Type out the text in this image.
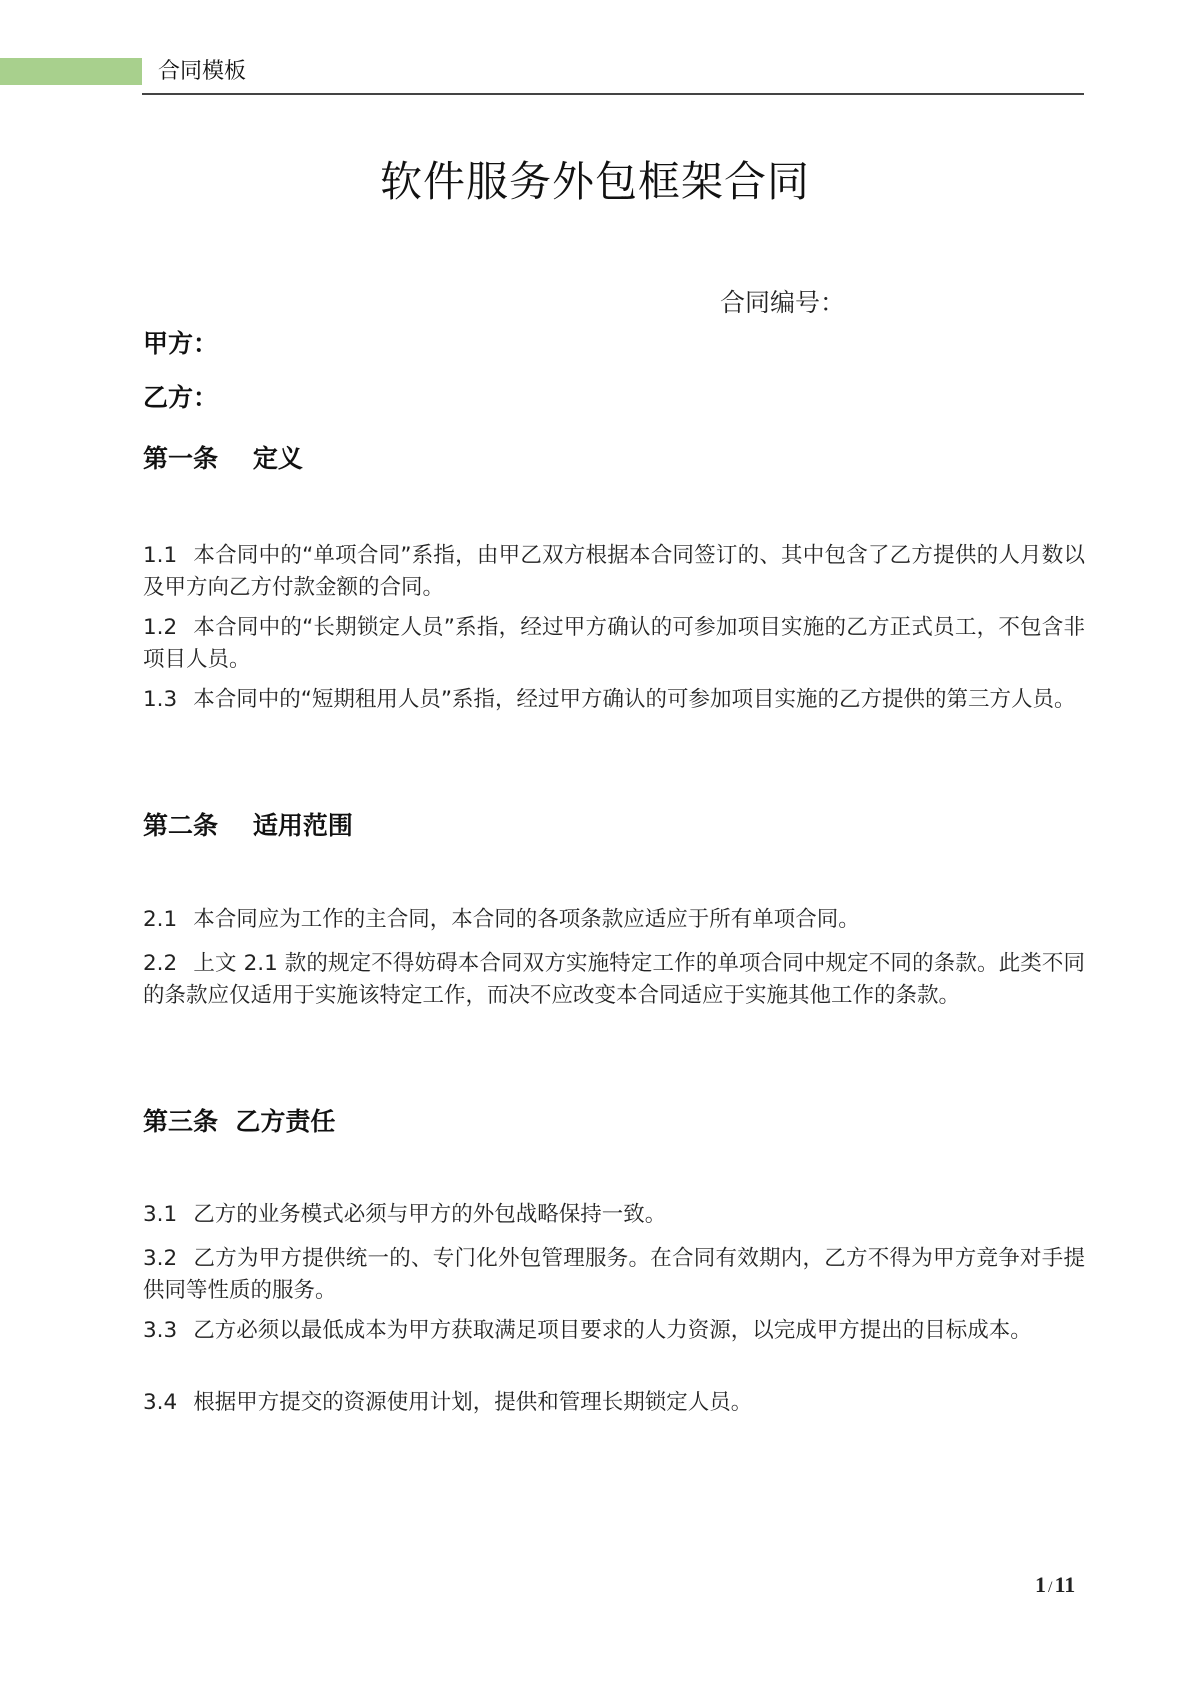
合同模板
软件服务外包框架合同
合同编号：
甲方：
乙方：
第一条    定义
1.1 本合同中的“单项合同”系指，由甲乙双方根据本合同签订的、其中包含了乙方提供的人月数以及甲方向乙方付款金额的合同。
1.2 本合同中的“长期锁定人员”系指，经过甲方确认的可参加项目实施的乙方正式员工，不包含非项目人员。
1.3 本合同中的“短期租用人员”系指，经过甲方确认的可参加项目实施的乙方提供的第三方人员。
第二条    适用范围
2.1 本合同应为工作的主合同，本合同的各项条款应适应于所有单项合同。
2.2 上文 2.1 款的规定不得妨碍本合同双方实施特定工作的单项合同中规定不同的条款。此类不同的条款应仅适用于实施该特定工作，而决不应改变本合同适应于实施其他工作的条款。
第三条  乙方责任
3.1 乙方的业务模式必须与甲方的外包战略保持一致。
3.2 乙方为甲方提供统一的、专门化外包管理服务。在合同有效期内，乙方不得为甲方竞争对手提供同等性质的服务。
3.3 乙方必须以最低成本为甲方获取满足项目要求的人力资源，以完成甲方提出的目标成本。
3.4 根据甲方提交的资源使用计划，提供和管理长期锁定人员。
1 /11
